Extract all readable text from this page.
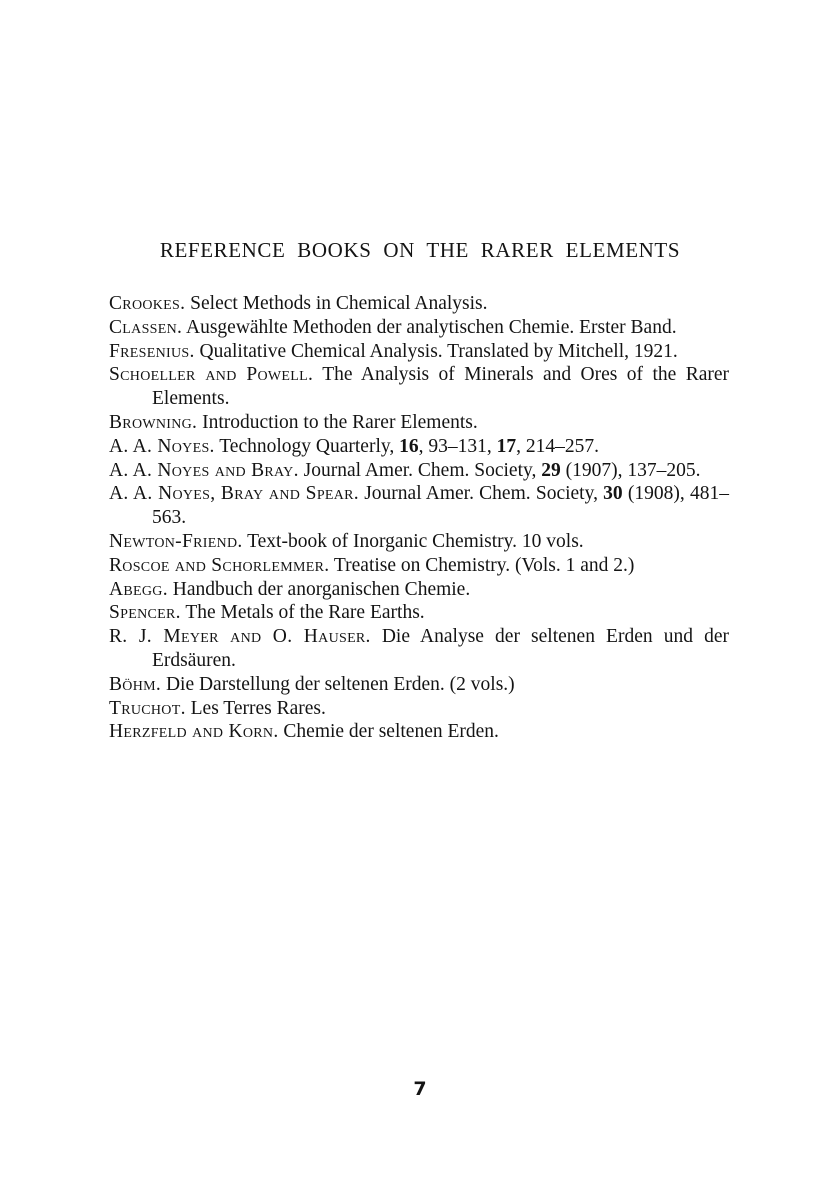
REFERENCE BOOKS ON THE RARER ELEMENTS
Crookes. Select Methods in Chemical Analysis.
Classen. Ausgewählte Methoden der analytischen Chemie. Erster Band.
Fresenius. Qualitative Chemical Analysis. Translated by Mitchell, 1921.
Schoeller and Powell. The Analysis of Minerals and Ores of the Rarer Elements.
Browning. Introduction to the Rarer Elements.
A. A. Noyes. Technology Quarterly, 16, 93–131, 17, 214–257.
A. A. Noyes and Bray. Journal Amer. Chem. Society, 29 (1907), 137–205.
A. A. Noyes, Bray and Spear. Journal Amer. Chem. Society, 30 (1908), 481–563.
Newton-Friend. Text-book of Inorganic Chemistry. 10 vols.
Roscoe and Schorlemmer. Treatise on Chemistry. (Vols. 1 and 2.)
Abegg. Handbuch der anorganischen Chemie.
Spencer. The Metals of the Rare Earths.
R. J. Meyer and O. Hauser. Die Analyse der seltenen Erden und der Erdsäuren.
Böhm. Die Darstellung der seltenen Erden. (2 vols.)
Truchot. Les Terres Rares.
Herzfeld and Korn. Chemie der seltenen Erden.
7
